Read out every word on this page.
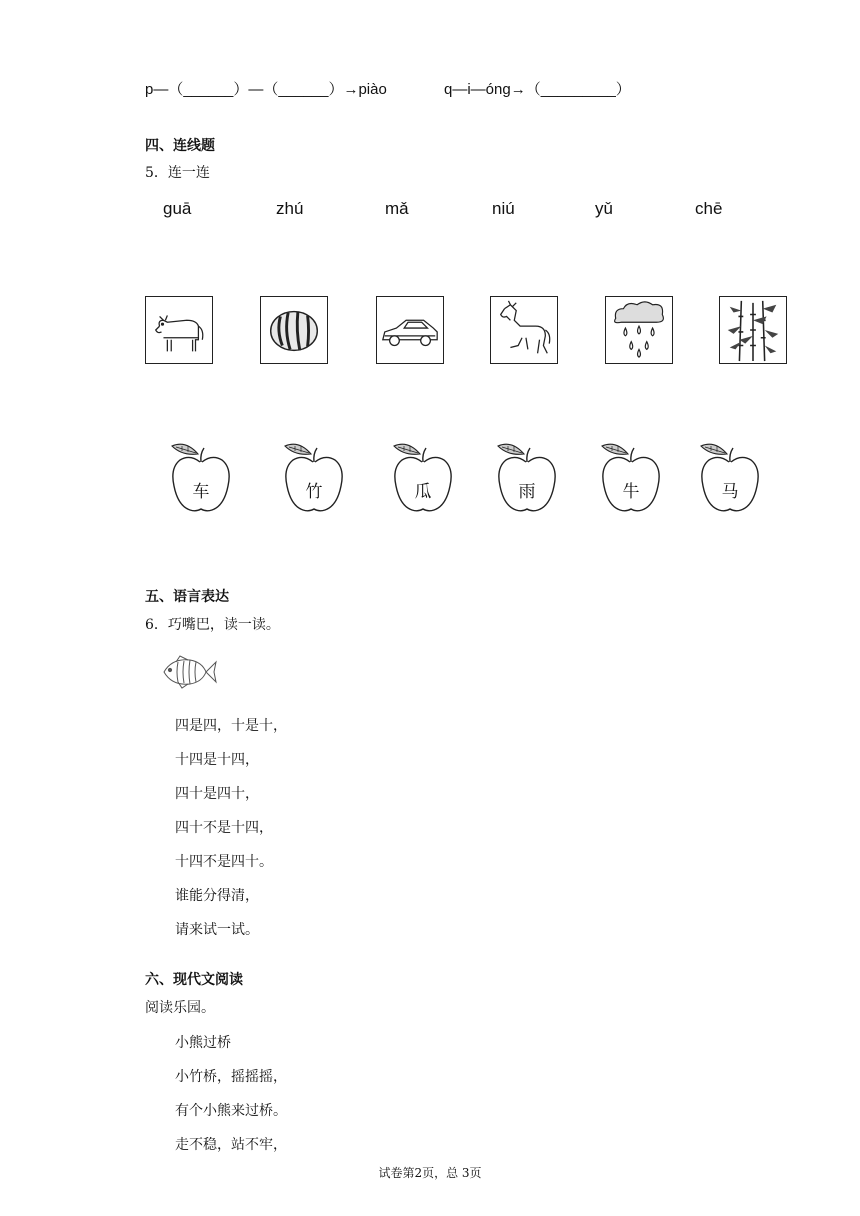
p—（______）—（______）→piào	q—i—óng→（_________）
四、连线题
5．连一连
guā	zhú	mǎ	niú	yǔ	chē
车	竹	瓜	雨	牛	马
五、语言表达
6．巧嘴巴，读一读。
四是四，十是十，
十四是十四，
四十是四十，
四十不是十四，
十四不是四十。
谁能分得清，
请来试一试。
六、现代文阅读
阅读乐园。
小熊过桥
小竹桥，摇摇摇，
有个小熊来过桥。
走不稳，站不牢，
试卷第2页，总 3页
